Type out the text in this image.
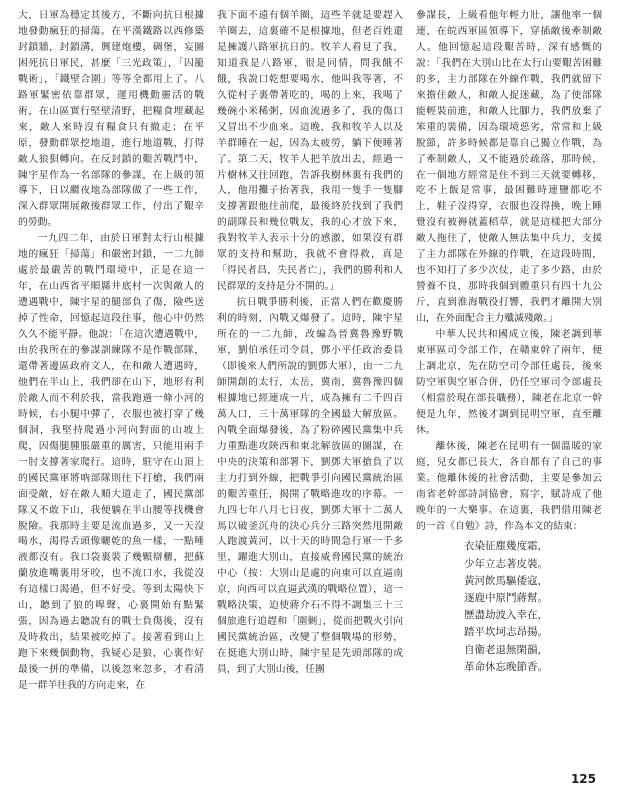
大，日軍為穩定其後方，不斷向抗日根據地發動瘋狂的掃蕩。在平漢鐵路以西修築封鎖牆，封鎖溝，興建炮樓，碉堡，妄圖困死抗日軍民，甚麼「三光政策」，「囚籠戰術」，「鐵壁合圍」等等全都用上了。八路軍緊密依靠群眾，運用機動靈活的戰術，在山區實行堅壁清野，把糧食埋藏起來，敵人來時沒有糧食只有撤走；在平原，發動群眾挖地道，進行地道戰，打得敵人狼狽轉向。在反封鎖的艱苦戰鬥中，陳宇星作為一名部隊的參謀，在上級的領導下，日以繼夜地為部隊做了一些工作，深入群眾開展敵後群眾工作，付出了艱辛的勞動。

一九四二年，由於日軍對太行山根據地的瘋狂「掃蕩」和嚴密封鎖，一二九師處於最嚴苦的戰鬥環境中，正是在這一年，在山西省平順縣井底村一次與敵人的遭遇戰中，陳宇星的腿部負了傷，險些送掉了性命，回憶起這段往事，他心中仍然久久不能平靜。他說：「在這次遭遇戰中，由於我所在的參謀訓練隊不是作戰部隊，還帶著邊區政府文人，在和敵人遭遇時，他們在半山上，我們卻在山下，地形有利於敵人而不利於我，當我跑過一條小河的時候，右小腿中彈了，衣服也被打穿了幾個洞，我堅持爬過小河向對面的山坡上爬，因傷腿腫脹嚴重的厲害，只能用兩手一肘支撐著家爬行。這時，駐守在山頂上的國民黨軍將吶部隊則往下打槍，我們兩面受敵，好在敵人順大道走了，國民黨部隊又不敢下山，我便躺在半山腰等找機會脫險。我那時主要是流血過多，又一天沒喝水，渴得舌頭像曬乾的魚一樣，一點唾液都沒有。我口袋裏裝了幾顆辯櫃，把蘇蘭放進嘴裏用牙咬，也不流口水，我從沒有這樣口渴過，但不好受。等到太陽快下山，聽到了狼的嗥聲，心裏開始有點緊張，因為過去聽說有的戰士負傷後，沒有及時救出，結果被吃掉了。接著看到山上跑下來幾個動物，我疑心是狼，心裏作好最後一拼的準備，以後忽來忽多，才看清是一群羊往我的方向走來，在

我下面不遠有個羊圈，這些羊就是要趕入羊圈去，這裏確不是根據地，但老百姓還是擁護八路軍抗日的。牧羊人看見了我，知道我是八路軍，很是同情，問我餓不餓，我說口乾想要喝水，他叫我等著，不久從村子裏帶著吃的，喝的上來，我喝了幾碗小米稀粥，因血流過多了，我的傷口又冒出不少血來。這晚，我和牧羊人以及羊群睡在一起，因為太疲勞，躺下便睡著了。第二天，牧羊人把羊放出去，經過一片樹林又往回跑，告訴我樹林裏有我們的人，他用攤子抬著我，我用一隻手一隻腳支撐著跟他往前爬，最後終於找到了我們的副隊長和幾位戰友，我的心才放下來，我對牧羊人表示十分的感激，如果沒有群眾的支持和幫助，我就不會得救，真是「得民者昌，失民者亡」，我們的勝利和人民群眾的支持是分不開的。」

抗日戰爭勝利後，正當人們在歡慶勝利的時刻，內戰又爆發了。這時，陳宇星所在的一二九師，改編為晉冀魯豫野戰軍，劉伯承任司令員，鄧小平任政治委員（即後來人們所說的劉鄧大軍），由一二九師開創的太行，太岳，冀南，冀魯豫四個根據地已經連成一片，成為擁有二千四百萬人口，三十萬軍隊的全國最大解放區。內戰全面爆發後，為了粉碎國民黨集中兵力重點進攻陝西和東北解放區的圖謀，在中央的決策和部署下，劉鄧大軍搶負了以主力打到外線，把戰爭引向國民黨統治區的艱苦重任，揭開了戰略進攻的序幕。一九四七年八月七日夜，劉鄧大軍十二萬人馬以破釜沉舟的決心兵分三路突然甩開敵人跑渡黃河，以十天的時間急行軍一千多里，躍進大別山，直接威脅國民黨的統治中心（按：大別山是處的向東可以直逼南京，向西可以直逼武漢的戰略位置），這一戰略決策，迫使蔣介石不得不調集三十三個旅進行追趕和「圍剿」，從而把戰火引向國民黨統治區，改變了整個戰場的形勢，在挺進大別山時，陳宇星是先頭部隊的成員，到了大別山後，任團

參謀長，上級看他年輕力壯，讓他率一個連，在皖西軍區領導下，穿插敵後牽制敵人。他回憶起這段艱苦時，深有感慨的說：「我們在大別山比在太行山要艱苦困難的多，主力部隊在外線作戰，我們就留下來擔住敵人，和敵人捉迷藏，為了使部隊能輕裝前進，和敵人比腳力，我們放棄了笨重的裝備，因為環境惡劣，常常和上級脫節，許多時候都是靠自己獨立作戰，為了牽制敵人，又不能過於疏落，那時候，在一個地方經常是住不到三天就要轉移，吃不上飯是常事，最困難時連鹽都吃不上，鞋子沒得穿，衣服也沒得換，晚上睡覺沒有被褥就蓋稻草，就是這樣把大部分敵人拖住了，使敵人無法集中兵力，支援了主力部隊在外線的作戰，在這段時間，也不知打了多少次仗，走了多少路，由於營養不良，那時我個到體重只有四十九公斤，直到淮海戰役打響，我們才離開大別山，在外面配合主力殲滅殘敵。」

中華人民共和國成立後，陳老調到華東軍區司令部工作，在贛東幹了兩年，便上調北京，先在防空司令部任處長，後來防空軍與空軍合併，仍任空軍司令部處長（相當於現在部長職務），陳老在北京一幹便是九年，然後才調到昆明空軍，直至離休。

離休後，陳老在昆明有一個溫暖的家庭，兒女都已長大，各自都有了自己的事業。他離休後的社會活動，主要是參加云南省老幹部詩詞協會，寫字，賦詩成了他晚年的一大樂事。在這裏，我們借用陳老的一首《自勉》詩，作為本文的結束：

衣染征塵幾度霜，
少年立志著皮裝。
黃河飲馬驅倭寇，
逐鹿中原鬥蔣幫。
歷盡劫波入幸在，
踏平坎坷志昂揚。
自衛老退無閑韻，
革命休忘晚節香。
125
